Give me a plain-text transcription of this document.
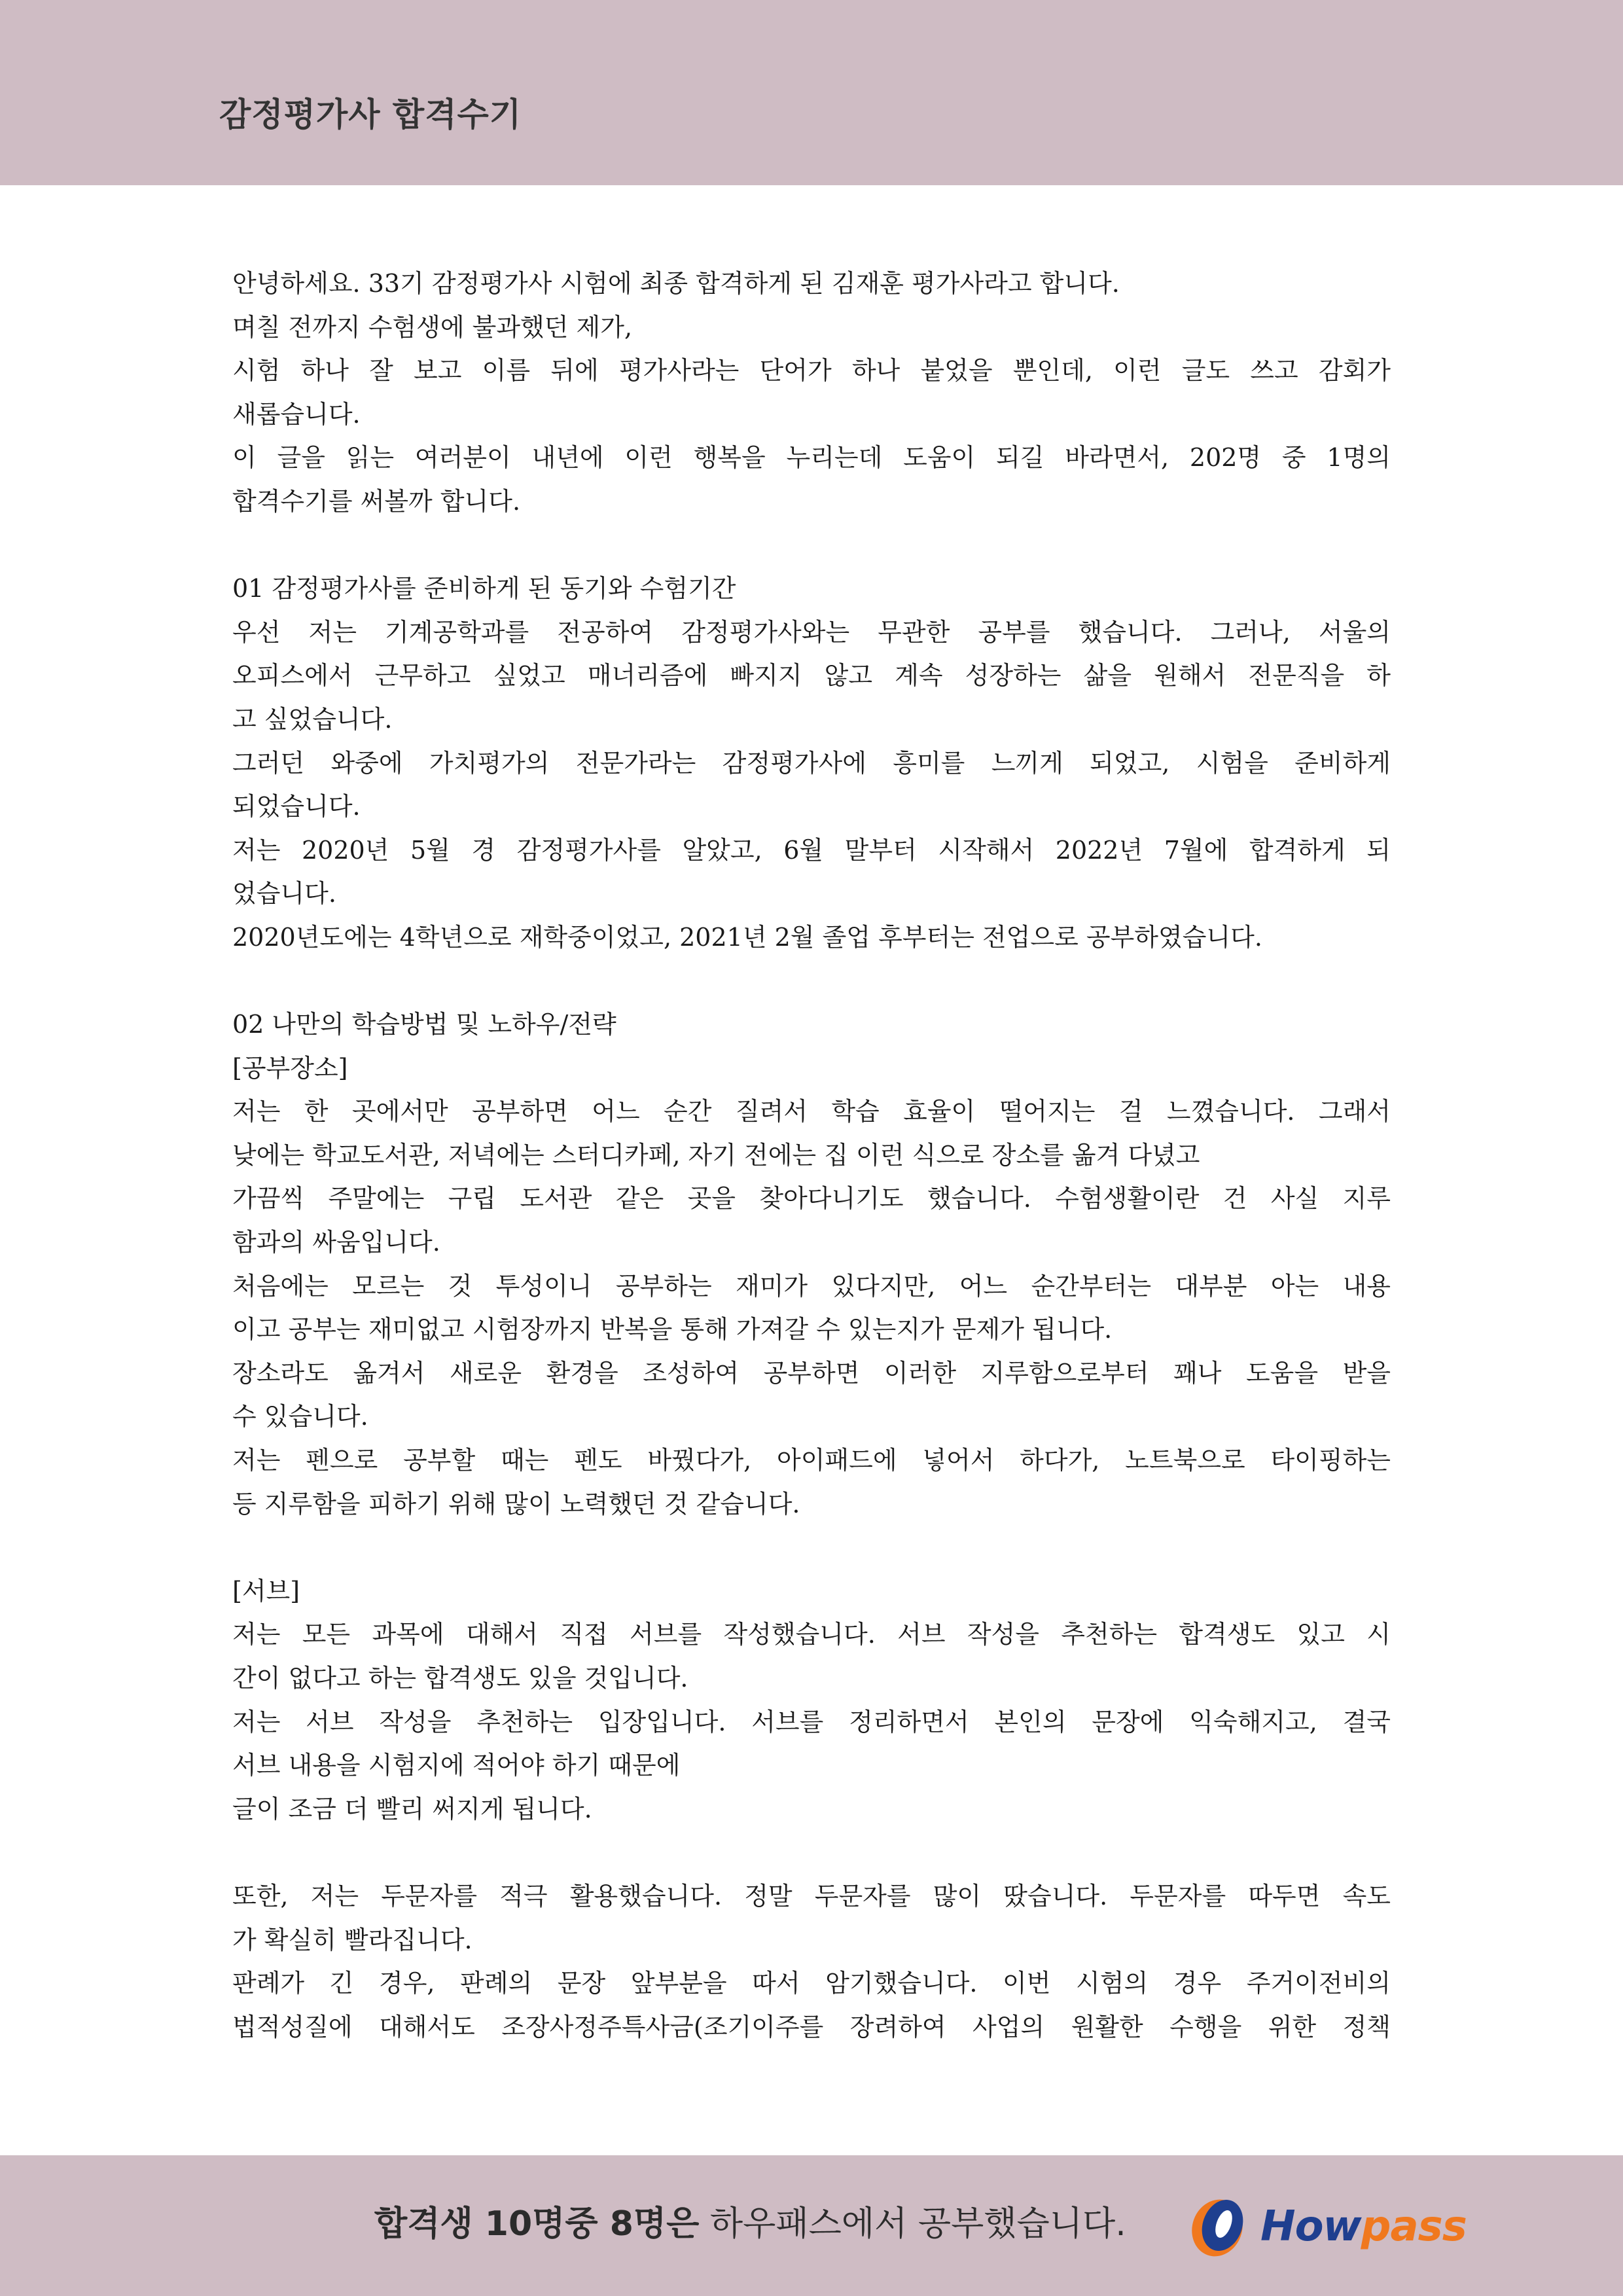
감정평가사 합격수기
안녕하세요. 33기 감정평가사 시험에 최종 합격하게 된 김재훈 평가사라고 합니다.
며칠 전까지 수험생에 불과했던 제가,
시험 하나 잘 보고 이름 뒤에 평가사라는 단어가 하나 붙었을 뿐인데, 이런 글도 쓰고 감회가
새롭습니다.
이 글을 읽는 여러분이 내년에 이런 행복을 누리는데 도움이 되길 바라면서, 202명 중 1명의
합격수기를 써볼까 합니다.
01 감정평가사를 준비하게 된 동기와 수험기간
우선 저는 기계공학과를 전공하여 감정평가사와는 무관한 공부를 했습니다. 그러나, 서울의
오피스에서 근무하고 싶었고 매너리즘에 빠지지 않고 계속 성장하는 삶을 원해서 전문직을 하
고 싶었습니다.
그러던 와중에 가치평가의 전문가라는 감정평가사에 흥미를 느끼게 되었고, 시험을 준비하게
되었습니다.
저는 2020년 5월 경 감정평가사를 알았고, 6월 말부터 시작해서 2022년 7월에 합격하게 되
었습니다.
2020년도에는 4학년으로 재학중이었고, 2021년 2월 졸업 후부터는 전업으로 공부하였습니다.
02 나만의 학습방법 및 노하우/전략
[공부장소]
저는 한 곳에서만 공부하면 어느 순간 질려서 학습 효율이 떨어지는 걸 느꼈습니다. 그래서
낮에는 학교도서관, 저녁에는 스터디카페, 자기 전에는 집 이런 식으로 장소를 옮겨 다녔고
가끔씩 주말에는 구립 도서관 같은 곳을 찾아다니기도 했습니다. 수험생활이란 건 사실 지루
함과의 싸움입니다.
처음에는 모르는 것 투성이니 공부하는 재미가 있다지만, 어느 순간부터는 대부분 아는 내용
이고 공부는 재미없고 시험장까지 반복을 통해 가져갈 수 있는지가 문제가 됩니다.
장소라도 옮겨서 새로운 환경을 조성하여 공부하면 이러한 지루함으로부터 꽤나 도움을 받을
수 있습니다.
저는 펜으로 공부할 때는 펜도 바꿨다가, 아이패드에 넣어서 하다가, 노트북으로 타이핑하는
등 지루함을 피하기 위해 많이 노력했던 것 같습니다.
[서브]
저는 모든 과목에 대해서 직접 서브를 작성했습니다. 서브 작성을 추천하는 합격생도 있고 시
간이 없다고 하는 합격생도 있을 것입니다.
저는 서브 작성을 추천하는 입장입니다. 서브를 정리하면서 본인의 문장에 익숙해지고, 결국
서브 내용을 시험지에 적어야 하기 때문에
글이 조금 더 빨리 써지게 됩니다.
또한, 저는 두문자를 적극 활용했습니다. 정말 두문자를 많이 땄습니다. 두문자를 따두면 속도
가 확실히 빨라집니다.
판례가 긴 경우, 판례의 문장 앞부분을 따서 암기했습니다. 이번 시험의 경우 주거이전비의
법적성질에 대해서도 조장사정주특사금(조기이주를 장려하여 사업의 원활한 수행을 위한 정책
합격생 10명중 8명은 하우패스에서 공부했습니다.	Howpass
